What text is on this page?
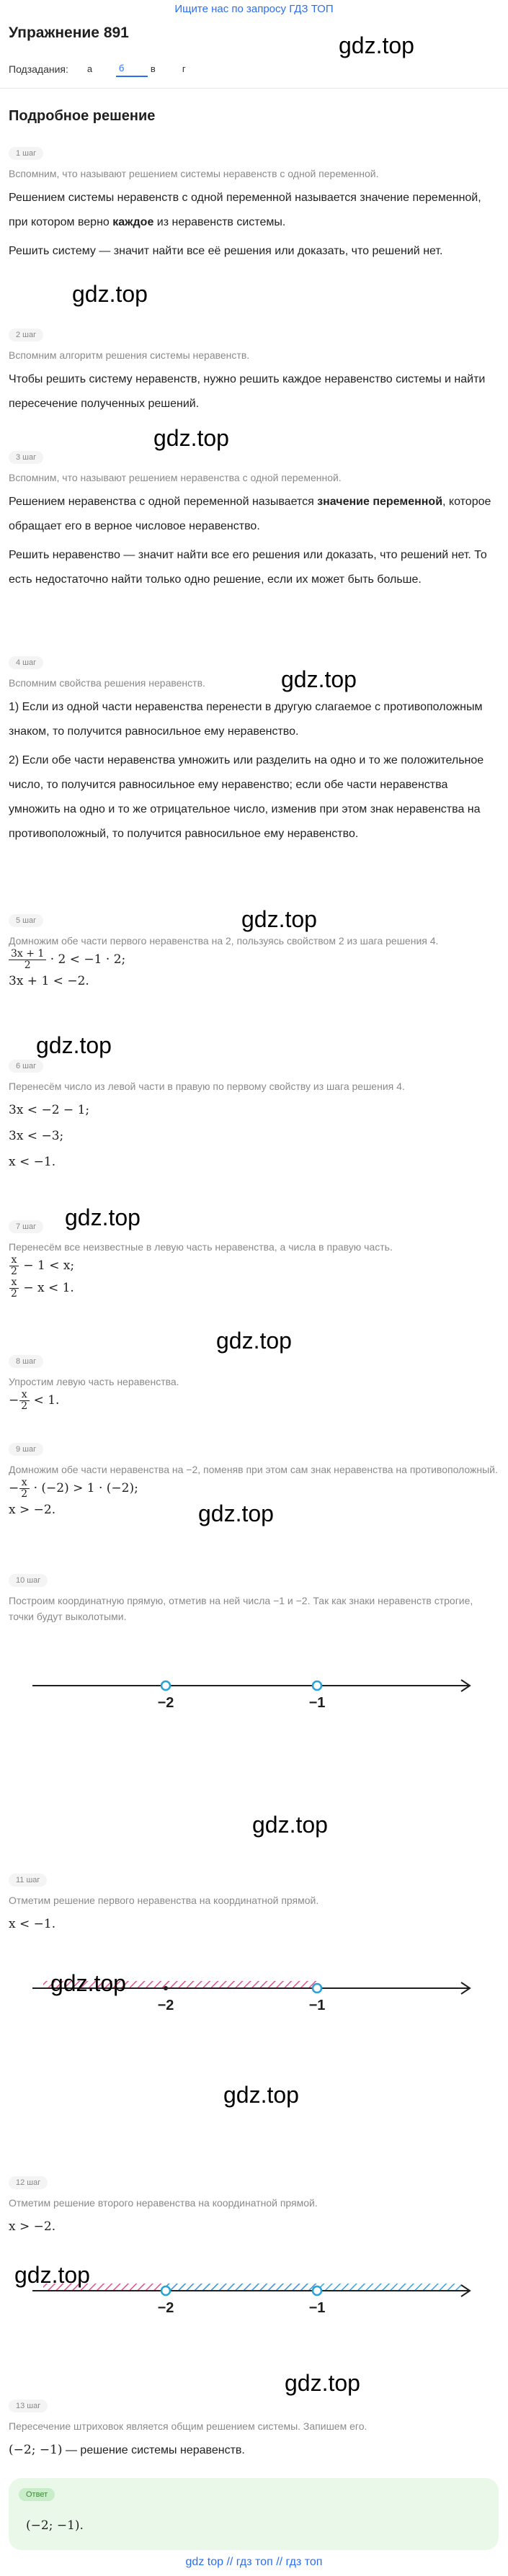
Ищите нас по запросу ГДЗ ТОП
Упражнение 891
Подзадания:	а	б	в	г
Подробное решение
1 шаг
Вспомним, что называют решением системы неравенств с одной переменной.

Решением системы неравенств с одной переменной называется значение переменной, при котором верно каждое из неравенств системы.

Решить систему — значит найти все её решения или доказать, что решений нет.

2 шаг
Вспомним алгоритм решения системы неравенств.

Чтобы решить систему неравенств, нужно решить каждое неравенство системы и найти пересечение полученных решений.

3 шаг
Вспомним, что называют решением неравенства с одной переменной.

Решением неравенства с одной переменной называется значение переменной, которое обращает его в верное числовое неравенство.

Решить неравенство — значит найти все его решения или доказать, что решений нет. То есть недостаточно найти только одно решение, если их может быть больше.

4 шаг
Вспомним свойства решения неравенств.

1) Если из одной части неравенства перенести в другую слагаемое с противоположным знаком, то получится равносильное ему неравенство.

2) Если обе части неравенства умножить или разделить на одно и то же положительное число, то получится равносильное ему неравенство; если обе части неравенства умножить на одно и то же отрицательное число, изменив при этом знак неравенства на противоположный, то получится равносильное ему неравенство.

5 шаг
Домножим обе части первого неравенства на 2, пользуясь свойством 2 из шага решения 4.
$\frac{3x + 1}{2} \cdot 2 < -1 \cdot 2$;
3x + 1 < −2.
6 шаг
Перенесём число из левой части в правую по первому свойству из шага решения 4.
3x < −2 − 1;
3x < −3;
x < −1.
7 шаг
Перенесём все неизвестные в левую часть неравенства, а числа в правую часть.
$\frac{x}{2} - 1 < x$;
$\frac{x}{2} - x < 1$.
8 шаг
Упростим левую часть неравенства.
− $\frac{x}{2} < 1$.
9 шаг
Домножим обе части неравенства на −2, поменяв при этом сам знак неравенства на противоположный.
− $\frac{x}{2} \cdot (-2) > 1 \cdot (-2)$;
x > −2.
10 шаг
Построим координатную прямую, отметив на ней числа −1 и −2. Так как знаки неравенств строгие, точки будут выколотыми.
−2	−1
11 шаг
Отметим решение первого неравенства на координатной прямой.
x < −1.
−2	−1
12 шаг
Отметим решение второго неравенства на координатной прямой.
x > −2.
−2	−1
13 шаг
Пересечение штриховок является общим решением системы. Запишем его.
(−2; −1) — решение системы неравенств.
Ответ
(−2; −1).
gdz top // гдз топ // гдз топ
gdz.top
gdz.top
gdz.top
gdz.top
gdz.top
gdz.top
gdz.top
gdz.top
gdz.top
gdz.top
gdz.top
gdz.top
gdz.top
gdz.top
